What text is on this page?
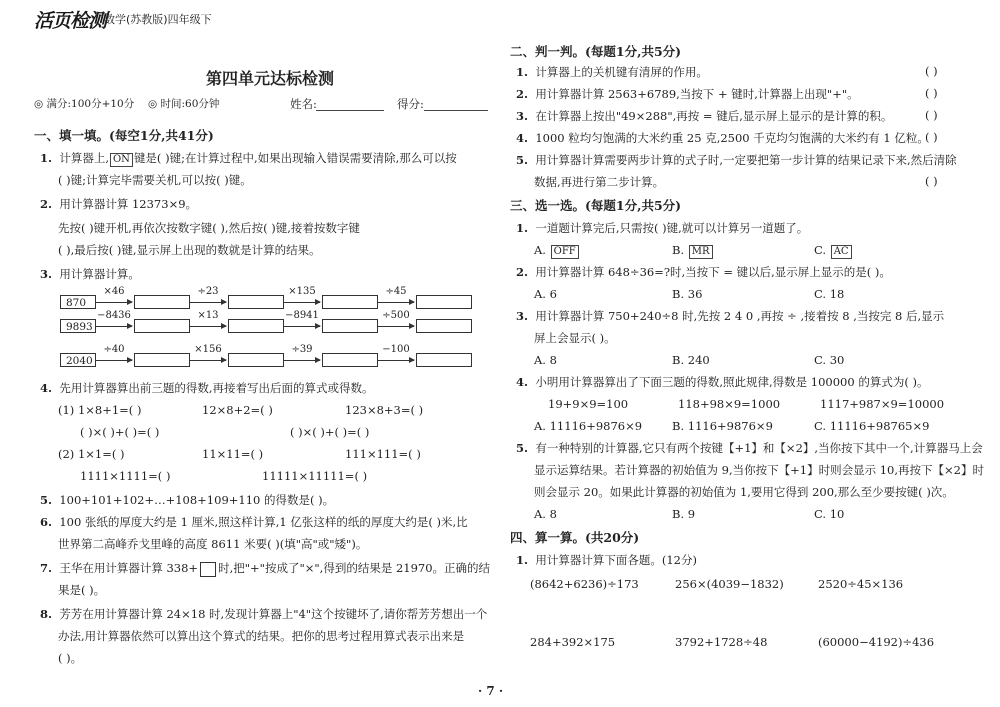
活页检测
数学(苏教版)四年级下
第四单元达标检测
◎ 满分:100分+10分 ◎ 时间:60分钟	姓名:	得分:
一、填一填。(每空1分,共41分)
1. 计算器上, ON 键是( )键;在计算过程中,如果出现输入错误需要清除,那么可以按
( )键;计算完毕需要关机,可以按( )键。
2. 用计算器计算 12373×9。
先按( )键开机,再依次按数字键( ),然后按( )键,接着按数字键
( ),最后按( )键,显示屏上出现的数就是计算的结果。
3. 用计算器计算。
870
×46	÷23	×135	÷45
9893
−8436	×13	−8941	÷500
2040
÷40	×156	÷39	−100
4. 先用计算器算出前三题的得数,再接着写出后面的算式或得数。
(1) 1×8+1=( )	12×8+2=( )	123×8+3=( )
( )×( )+( )=( )	( )×( )+( )=( )
(2) 1×1=( )	11×11=( )	111×111=( )
1111×1111=( )	11111×11111=( )
5. 100+101+102+…+108+109+110 的得数是( )。
6. 100 张纸的厚度大约是 1 厘米,照这样计算,1 亿张这样的纸的厚度大约是( )米,比
世界第二高峰乔戈里峰的高度 8611 米要( )(填"高"或"矮")。
7. 王华在用计算器计算 338+ 时,把"+"按成了"×",得到的结果是 21970。正确的结
果是( )。
8. 芳芳在用计算器计算 24×18 时,发现计算器上"4"这个按键坏了,请你帮芳芳想出一个
办法,用计算器依然可以算出这个算式的结果。把你的思考过程用算式表示出来是
( )。
二、判一判。(每题1分,共5分)
1. 计算器上的关机键有清屏的作用。	( )
2. 用计算器计算 2563+6789,当按下 + 键时,计算器上出现"+"。	( )
3. 在计算器上按出"49×288",再按 = 键后,显示屏上显示的是计算的积。	( )
4. 1000 粒均匀饱满的大米约重 25 克,2500 千克均匀饱满的大米约有 1 亿粒。
( )
5. 用计算器计算需要两步计算的式子时,一定要把第一步计算的结果记录下来,然后清除
数据,再进行第二步计算。	( )
三、选一选。(每题1分,共5分)
1. 一道题计算完后,只需按( )键,就可以计算另一道题了。
A. OFF	B. MR	C. AC
2. 用计算器计算 648÷36=?时,当按下 = 键以后,显示屏上显示的是( )。
A. 6	B. 36	C. 18
3. 用计算器计算 750+240÷8 时,先按 2 4 0 ,再按 ÷ ,接着按 8 ,当按完 8 后,显示
屏上会显示( )。
A. 8	B. 240	C. 30
4. 小明用计算器算出了下面三题的得数,照此规律,得数是 100000 的算式为( )。
19+9×9=100	118+98×9=1000	1117+987×9=10000
A. 11116+9876×9	B. 1116+9876×9	C. 11116+98765×9
5. 有一种特别的计算器,它只有两个按键【+1】和【×2】,当你按下其中一个,计算器马上会
显示运算结果。若计算器的初始值为 9,当你按下【+1】时则会显示 10,再按下【×2】时
则会显示 20。如果此计算器的初始值为 1,要用它得到 200,那么至少要按键( )次。
A. 8	B. 9	C. 10
四、算一算。(共20分)
1. 用计算器计算下面各题。(12分)
(8642+6236)÷173	256×(4039−1832)	2520÷45×136
284+392×175	3792+1728÷48	(60000−4192)÷436
· 7 ·
